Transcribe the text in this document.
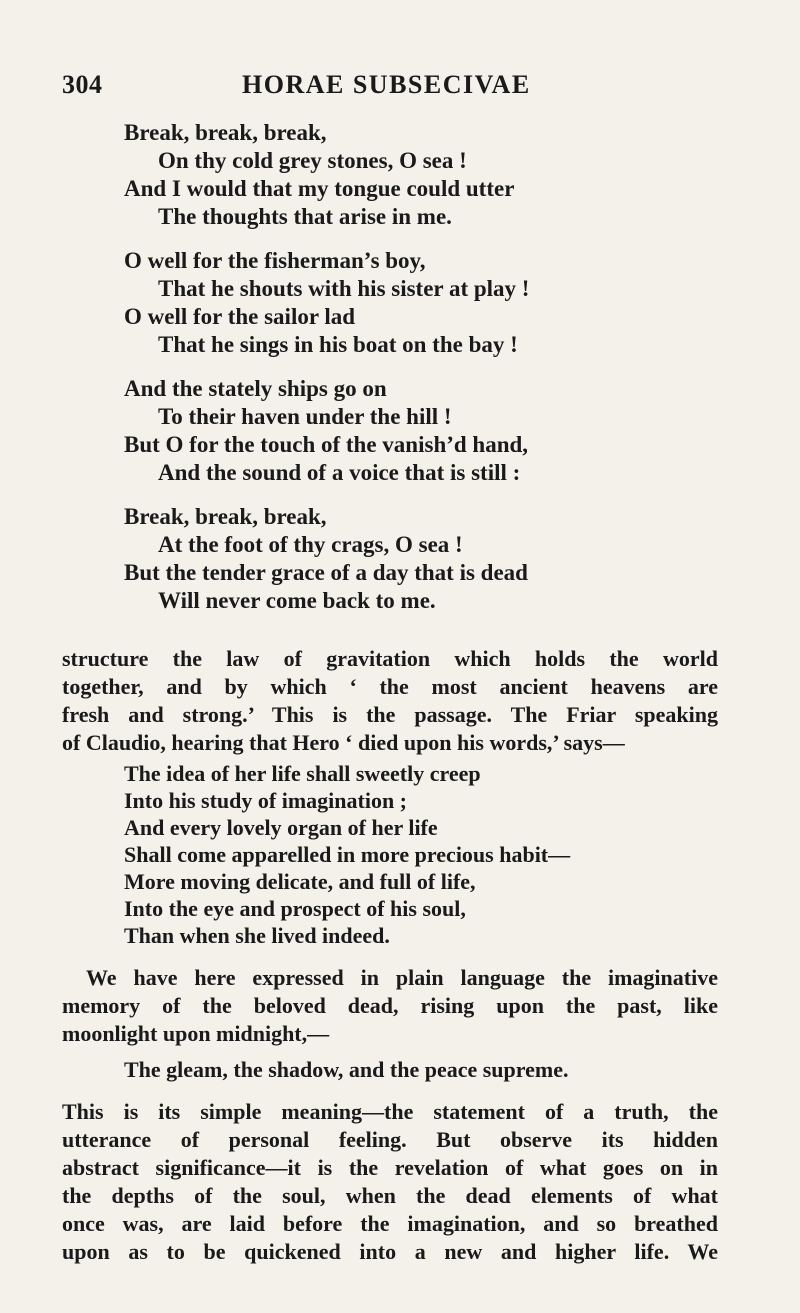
304	HORAE SUBSECIVAE
Break, break, break,
On thy cold grey stones, O sea !
And I would that my tongue could utter
The thoughts that arise in me.
O well for the fisherman’s boy,
That he shouts with his sister at play !
O well for the sailor lad
That he sings in his boat on the bay !
And the stately ships go on
To their haven under the hill !
But O for the touch of the vanish’d hand,
And the sound of a voice that is still :
Break, break, break,
At the foot of thy crags, O sea !
But the tender grace of a day that is dead
Will never come back to me.
structure the law of gravitation which holds the world
together, and by which ‘ the most ancient heavens are
fresh and strong.’ This is the passage. The Friar speaking
of Claudio, hearing that Hero ‘ died upon his words,’ says—
The idea of her life shall sweetly creep
Into his study of imagination ;
And every lovely organ of her life
Shall come apparelled in more precious habit—
More moving delicate, and full of life,
Into the eye and prospect of his soul,
Than when she lived indeed.
We have here expressed in plain language the imaginative
memory of the beloved dead, rising upon the past, like
moonlight upon midnight,—
The gleam, the shadow, and the peace supreme.
This is its simple meaning—the statement of a truth, the
utterance of personal feeling. But observe its hidden
abstract significance—it is the revelation of what goes on in
the depths of the soul, when the dead elements of what
once was, are laid before the imagination, and so breathed
upon as to be quickened into a new and higher life. We
